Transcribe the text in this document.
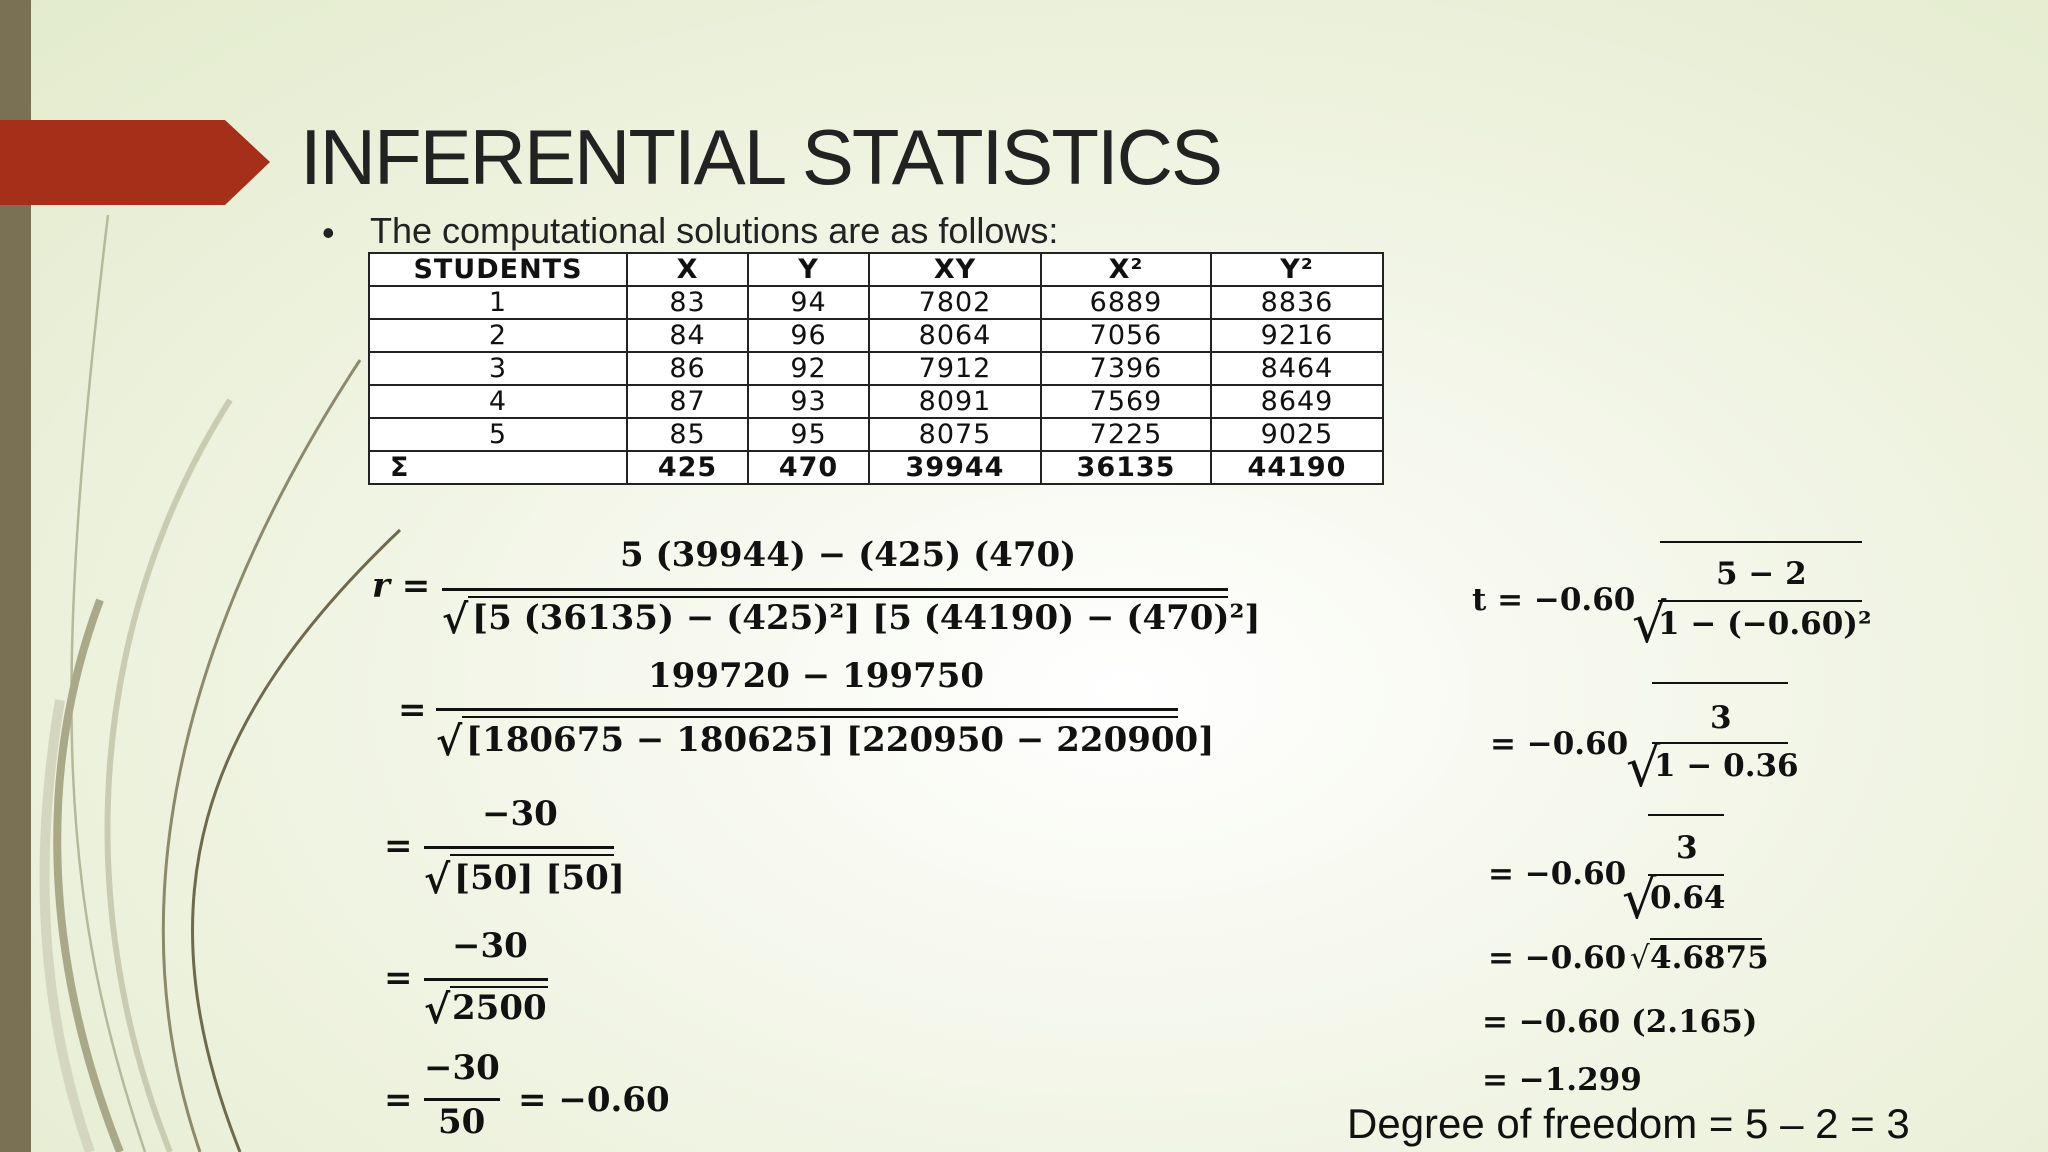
INFERENTIAL STATISTICS
• The computational solutions are as follows:
STUDENTS	X	Y	XY	X²	Y²
1	83	94	7802	6889	8836
2	84	96	8064	7056	9216
3	86	92	7912	7396	8464
4	87	93	8091	7569	8649
5	85	95	8075	7225	9025
Σ	425	470	39944	36135	44190
r =
5 (39944) − (425) (470)
√ [5 (36135) − (425)²] [5 (44190) − (470)²]
=
199720 − 199750
√ [180675 − 180625] [220950 − 220900]
=
−30
√ [50] [50]
=
−30
√ 2500
=
−30
50
= −0.60
t = −0.60
√
5 − 2
1 − (−0.60)²
= −0.60
√
3
1 − 0.36
= −0.60
√
3
0.64
= −0.60 √ 4.6875
= −0.60 (2.165)
= −1.299
Degree of freedom = 5 – 2 = 3
